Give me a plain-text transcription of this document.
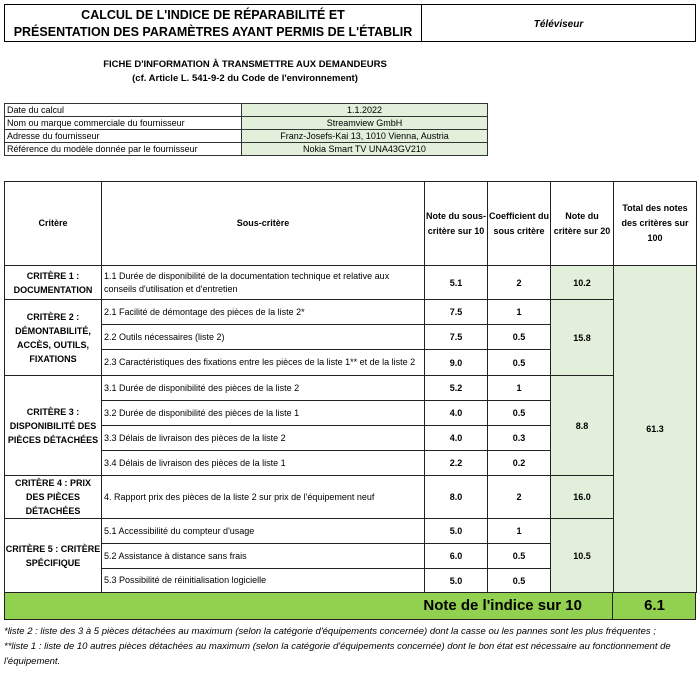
CALCUL DE L'INDICE DE RÉPARABILITÉ ET
PRÉSENTATION DES PARAMÈTRES AYANT PERMIS DE L'ÉTABLIR
Téléviseur
FICHE D'INFORMATION À TRANSMETTRE AUX DEMANDEURS
(cf. Article L. 541-9-2 du Code de l'environnement)
Date du calcul	1.1.2022
Nom ou marque commerciale du fournisseur	Streamview GmbH
Adresse du fournisseur	Franz-Josefs-Kai 13, 1010 Vienna, Austria
Référence du modèle donnée par le fournisseur	Nokia Smart TV UNA43GV210
Critère	Sous-critère	Note du sous-critère sur 10	Coefficient du sous critère	Note du critère sur 20	Total des notes des critères sur 100
CRITÈRE 1 : DOCUMENTATION	1.1 Durée de disponibilité de la documentation technique et relative aux conseils d'utilisation et d'entretien	5.1	2	10.2	61.3
CRITÈRE 2 : DÉMONTABILITÉ, ACCÈS, OUTILS, FIXATIONS	2.1 Facilité de démontage des pièces de la liste 2*	7.5	1	15.8	
	2.2 Outils nécessaires (liste 2)	7.5	0.5		
	2.3 Caractéristiques des fixations entre les pièces de la liste 1** et de la liste 2	9.0	0.5		
CRITÈRE 3 : DISPONIBILITÉ DES PIÈCES DÉTACHÉES	3.1 Durée de disponibilité des pièces de la liste 2	5.2	1	8.8	
	3.2 Durée de disponibilité des pièces de la liste 1	4.0	0.5		
	3.3 Délais de livraison des pièces de la liste 2	4.0	0.3		
	3.4 Délais de livraison des pièces de la liste 1	2.2	0.2		
CRITÈRE 4 : PRIX DES PIÈCES DÉTACHÉES	4. Rapport prix des pièces de la liste 2 sur prix de l'équipement neuf	8.0	2	16.0	
CRITÈRE 5 : CRITÈRE SPÉCIFIQUE	5.1 Accessibilité du compteur d'usage	5.0	1	10.5	
	5.2 Assistance à distance sans frais	6.0	0.5		
	5.3 Possibilité de réinitialisation logicielle	5.0	0.5		
Note de l'indice sur 10	6.1
*liste 2 : liste des 3 à 5 pièces détachées au maximum (selon la catégorie d'équipements concernée) dont la casse ou les pannes sont les plus fréquentes ;
**liste 1 : liste de 10 autres pièces détachées au maximum (selon la catégorie d'équipements concernée) dont le bon état est nécessaire au fonctionnement de l'équipement.
